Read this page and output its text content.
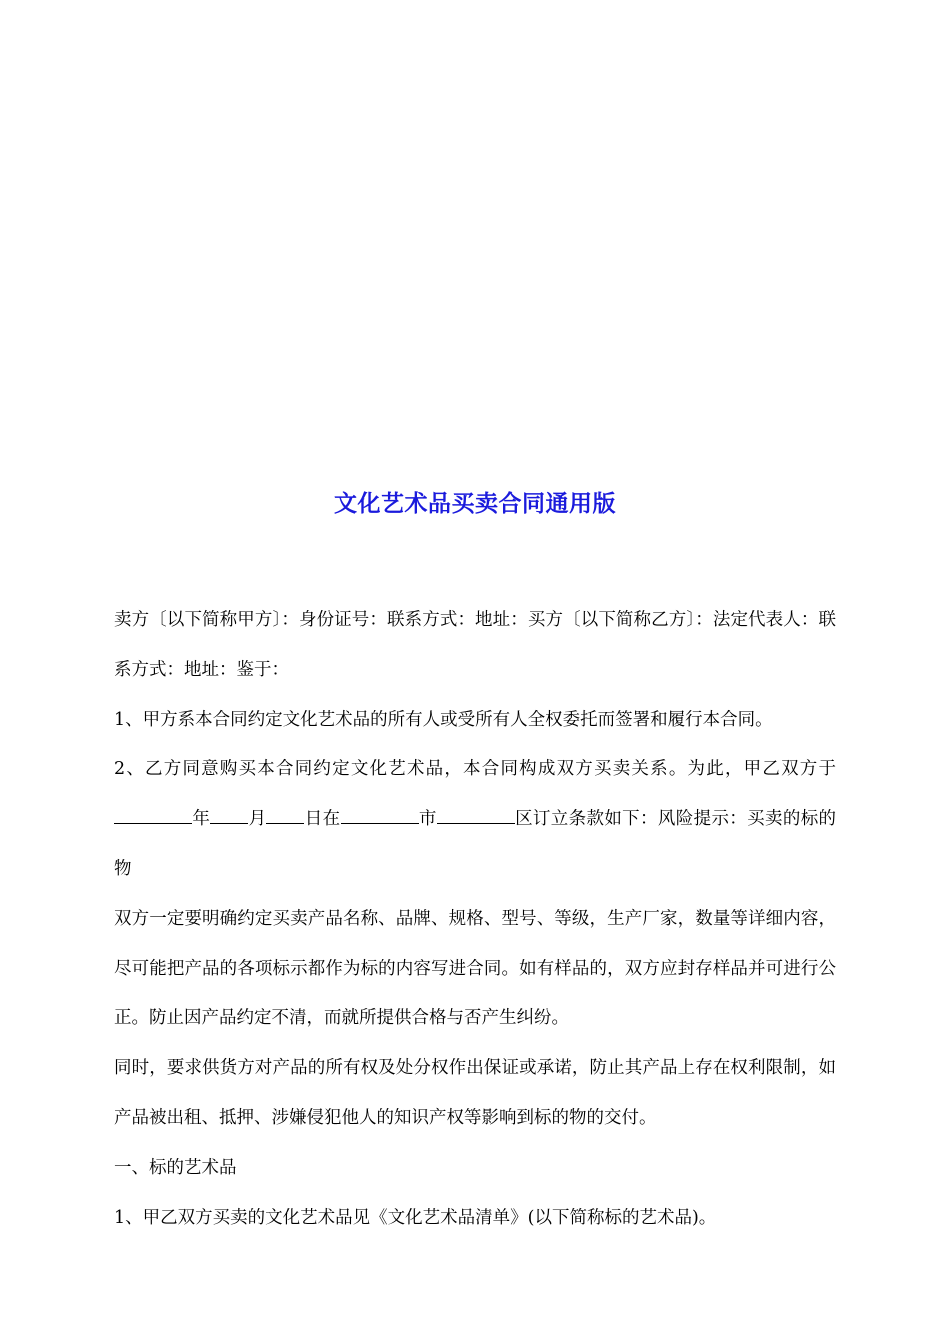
文化艺术品买卖合同通用版

卖方〔以下简称甲方〕：身份证号：联系方式：地址：买方〔以下简称乙方〕：法定代表人：联系方式：地址：鉴于：

1、甲方系本合同约定文化艺术品的所有人或受所有人全权委托而签署和履行本合同。

2、乙方同意购买本合同约定文化艺术品，本合同构成双方买卖关系。为此，甲乙双方于年 月 日在	市	区订立条款如下：风险提示：买卖的标的物

双方一定要明确约定买卖产品名称、品牌、规格、型号、等级，生产厂家，数量等详细内容，尽可能把产品的各项标示都作为标的内容写进合同。如有样品的，双方应封存样品并可进行公正。防止因产品约定不清，而就所提供合格与否产生纠纷。

同时，要求供货方对产品的所有权及处分权作出保证或承诺，防止其产品上存在权利限制，如产品被出租、抵押、涉嫌侵犯他人的知识产权等影响到标的物的交付。

一、标的艺术品

1、甲乙双方买卖的文化艺术品见《文化艺术品清单》(以下简称标的艺术品)。
